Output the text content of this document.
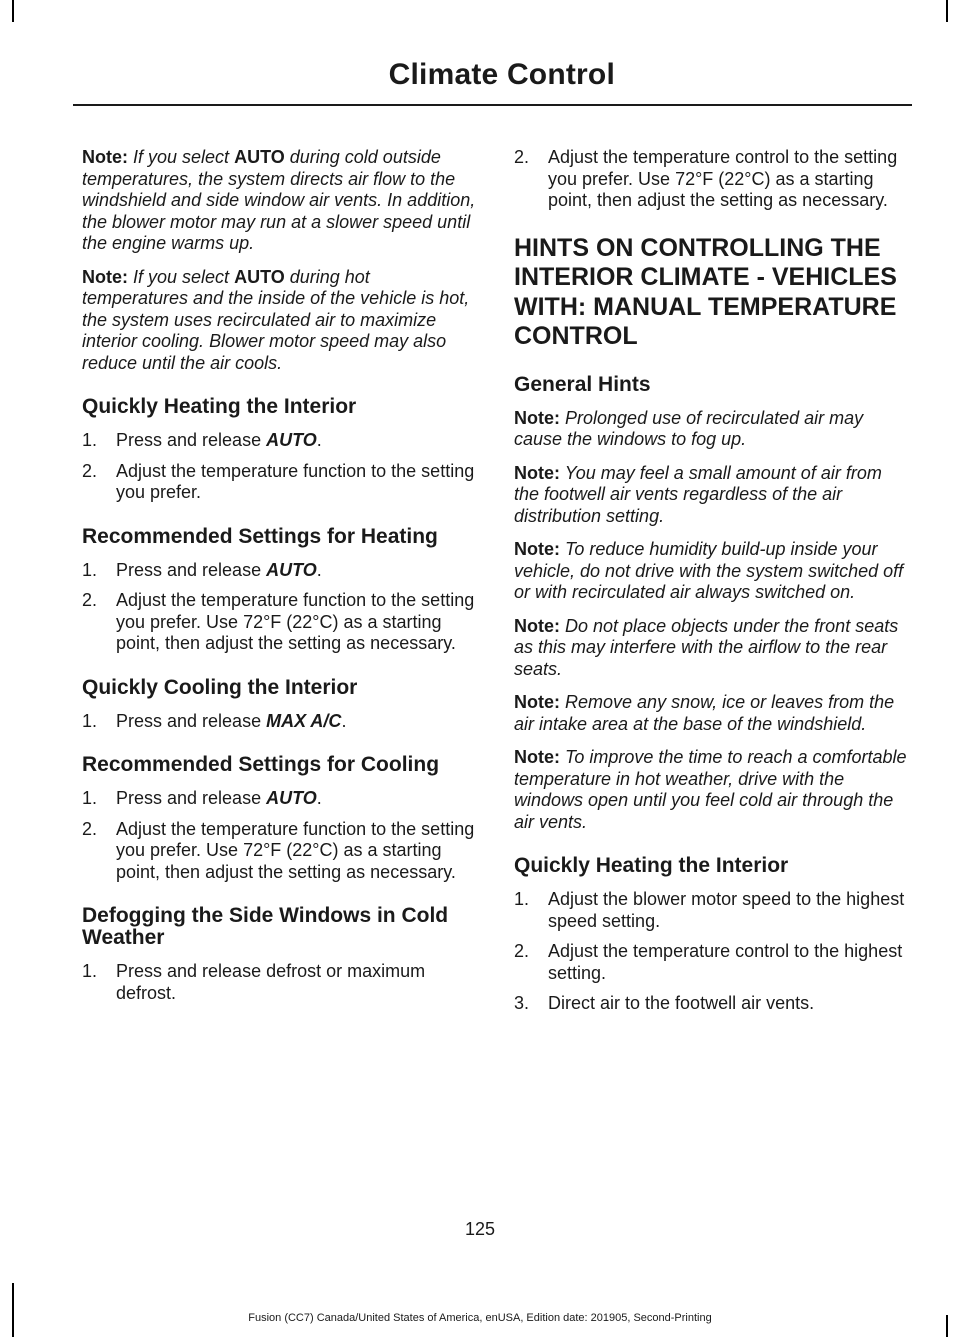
Climate Control

Note: If you select AUTO during cold outside temperatures, the system directs air flow to the windshield and side window air vents. In addition, the blower motor may run at a slower speed until the engine warms up.

Note: If you select AUTO during hot temperatures and the inside of the vehicle is hot, the system uses recirculated air to maximize interior cooling. Blower motor speed may also reduce until the air cools.

Quickly Heating the Interior
1. Press and release AUTO.
2. Adjust the temperature function to the setting you prefer.
Recommended Settings for Heating
1. Press and release AUTO.
2. Adjust the temperature function to the setting you prefer. Use 72°F (22°C) as a starting point, then adjust the setting as necessary.
Quickly Cooling the Interior
1. Press and release MAX A/C.
Recommended Settings for Cooling
1. Press and release AUTO.
2. Adjust the temperature function to the setting you prefer. Use 72°F (22°C) as a starting point, then adjust the setting as necessary.
Defogging the Side Windows in Cold Weather
1. Press and release defrost or maximum defrost.
2. Adjust the temperature control to the setting you prefer. Use 72°F (22°C) as a starting point, then adjust the setting as necessary.
HINTS ON CONTROLLING THE INTERIOR CLIMATE - VEHICLES WITH: MANUAL TEMPERATURE CONTROL
General Hints

Note: Prolonged use of recirculated air may cause the windows to fog up.

Note: You may feel a small amount of air from the footwell air vents regardless of the air distribution setting.

Note: To reduce humidity build-up inside your vehicle, do not drive with the system switched off or with recirculated air always switched on.

Note: Do not place objects under the front seats as this may interfere with the airflow to the rear seats.

Note: Remove any snow, ice or leaves from the air intake area at the base of the windshield.

Note: To improve the time to reach a comfortable temperature in hot weather, drive with the windows open until you feel cold air through the air vents.

Quickly Heating the Interior
1. Adjust the blower motor speed to the highest speed setting.
2. Adjust the temperature control to the highest setting.
3. Direct air to the footwell air vents.

125

Fusion (CC7) Canada/United States of America, enUSA, Edition date: 201905, Second-Printing
